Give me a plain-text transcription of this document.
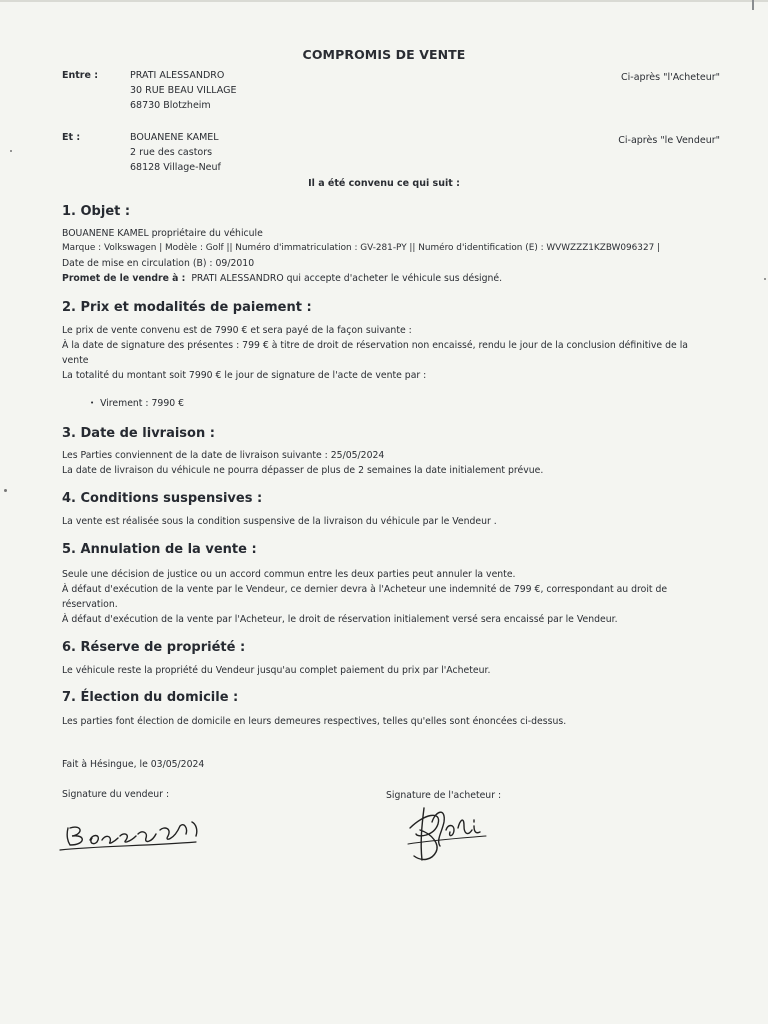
COMPROMIS DE VENTE
Entre :	PRATI ALESSANDRO
30 RUE BEAU VILLAGE
68730 Blotzheim
Ci-après "l'Acheteur"
Et :	BOUANENE KAMEL
2 rue des castors
68128 Village-Neuf
Ci-après "le Vendeur"
Il a été convenu ce qui suit :
1. Objet :
BOUANENE KAMEL propriétaire du véhicule
Marque : Volkswagen | Modèle : Golf || Numéro d'immatriculation : GV-281-PY || Numéro d'identification (E) : WVWZZZ1KZBW096327 |
Date de mise en circulation (B) : 09/2010
Promet de le vendre à : PRATI ALESSANDRO qui accepte d'acheter le véhicule sus désigné.
2. Prix et modalités de paiement :
Le prix de vente convenu est de 7990 € et sera payé de la façon suivante :
À la date de signature des présentes : 799 € à titre de droit de réservation non encaissé, rendu le jour de la conclusion définitive de la vente
La totalité du montant soit 7990 € le jour de signature de l'acte de vente par :
• Virement : 7990 €
3. Date de livraison :
Les Parties conviennent de la date de livraison suivante : 25/05/2024
La date de livraison du véhicule ne pourra dépasser de plus de 2 semaines la date initialement prévue.
4. Conditions suspensives :
La vente est réalisée sous la condition suspensive de la livraison du véhicule par le Vendeur .
5. Annulation de la vente :
Seule une décision de justice ou un accord commun entre les deux parties peut annuler la vente.
À défaut d'exécution de la vente par le Vendeur, ce dernier devra à l'Acheteur une indemnité de 799 €, correspondant au droit de réservation.
À défaut d'exécution de la vente par l'Acheteur, le droit de réservation initialement versé sera encaissé par le Vendeur.
6. Réserve de propriété :
Le véhicule reste la propriété du Vendeur jusqu'au complet paiement du prix par l'Acheteur.
7. Élection du domicile :
Les parties font élection de domicile en leurs demeures respectives, telles qu'elles sont énoncées ci-dessus.
Fait à Hésingue, le 03/05/2024
Signature du vendeur :	Signature de l'acheteur :
